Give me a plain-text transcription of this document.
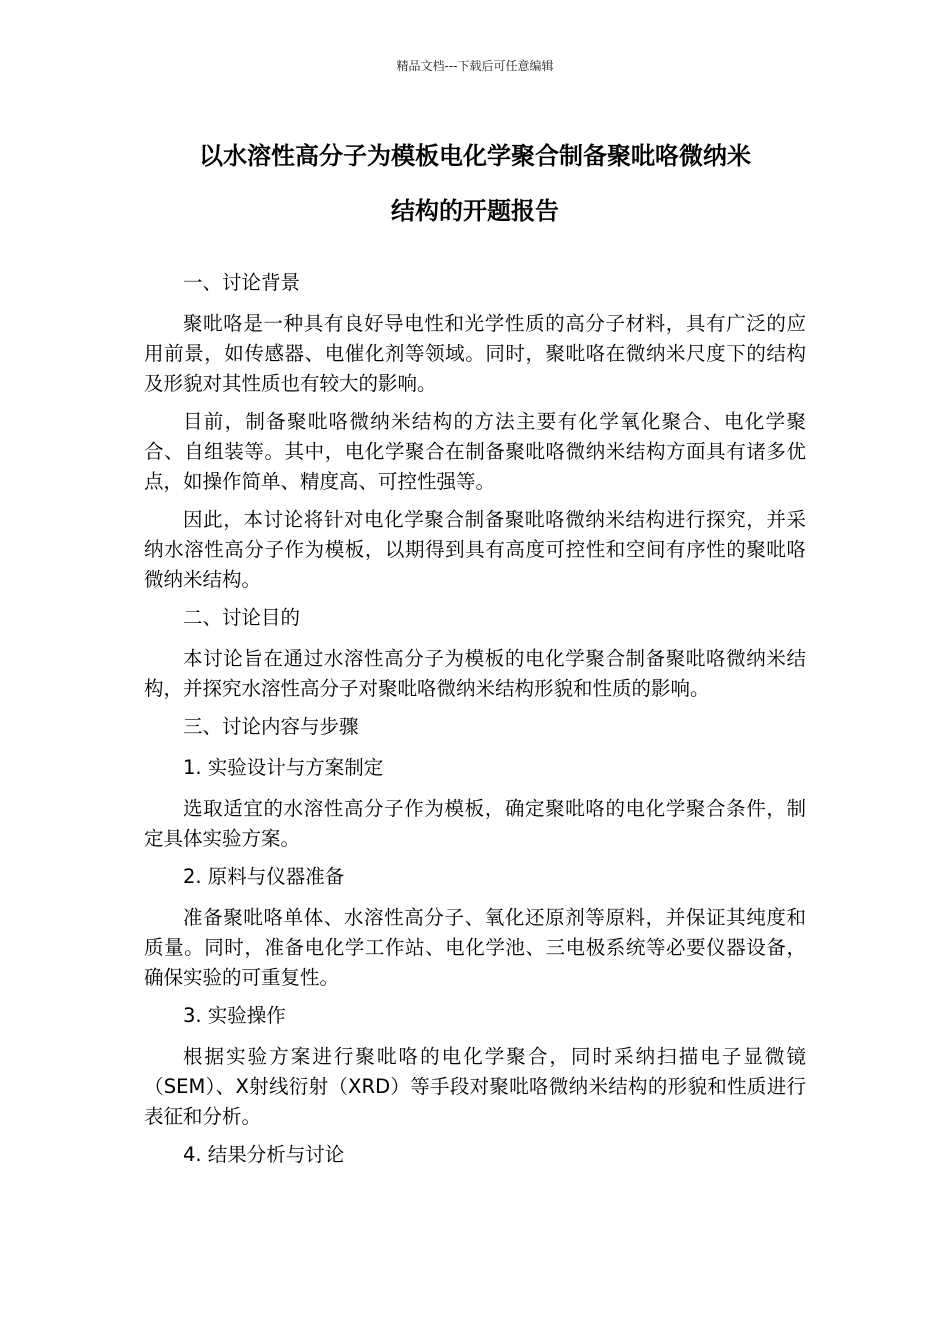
精品文档---下载后可任意编辑
以水溶性高分子为模板电化学聚合制备聚吡咯微纳米
结构的开题报告

一、讨论背景

聚吡咯是一种具有良好导电性和光学性质的高分子材料，具有广泛的应用前景，如传感器、电催化剂等领域。同时，聚吡咯在微纳米尺度下的结构及形貌对其性质也有较大的影响。

目前，制备聚吡咯微纳米结构的方法主要有化学氧化聚合、电化学聚合、自组装等。其中，电化学聚合在制备聚吡咯微纳米结构方面具有诸多优点，如操作简单、精度高、可控性强等。

因此，本讨论将针对电化学聚合制备聚吡咯微纳米结构进行探究，并采纳水溶性高分子作为模板，以期得到具有高度可控性和空间有序性的聚吡咯微纳米结构。

二、讨论目的

本讨论旨在通过水溶性高分子为模板的电化学聚合制备聚吡咯微纳米结构，并探究水溶性高分子对聚吡咯微纳米结构形貌和性质的影响。

三、讨论内容与步骤

1. 实验设计与方案制定

选取适宜的水溶性高分子作为模板，确定聚吡咯的电化学聚合条件，制定具体实验方案。

2. 原料与仪器准备

准备聚吡咯单体、水溶性高分子、氧化还原剂等原料，并保证其纯度和质量。同时，准备电化学工作站、电化学池、三电极系统等必要仪器设备，确保实验的可重复性。

3. 实验操作

根据实验方案进行聚吡咯的电化学聚合，同时采纳扫描电子显微镜（SEM）、X射线衍射（XRD）等手段对聚吡咯微纳米结构的形貌和性质进行表征和分析。

4. 结果分析与讨论
